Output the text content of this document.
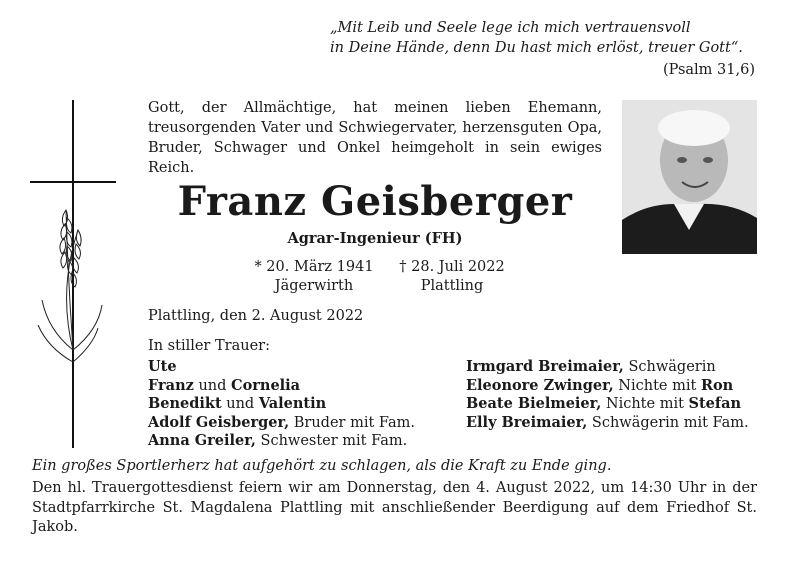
„Mit Leib und Seele lege ich mich vertrauensvoll
in Deine Hände, denn Du hast mich erlöst, treuer Gott“.
(Psalm 31,6)
Gott, der Allmächtige, hat meinen lieben Ehemann, treusorgenden Vater und Schwiegervater, herzensguten Opa, Bruder, Schwager und Onkel heimgeholt in sein ewiges Reich.
Franz Geisberger
Agrar-Ingenieur (FH)
* 20. März 1941
Jägerwirth
† 28. Juli 2022
Plattling
Plattling, den 2. August 2022
In stiller Trauer:
Ute
Franz und Cornelia
Benedikt und Valentin
Adolf Geisberger, Bruder mit Fam.
Anna Greiler, Schwester mit Fam.
Irmgard Breimaier, Schwägerin
Eleonore Zwinger, Nichte mit Ron
Beate Bielmeier, Nichte mit Stefan
Elly Breimaier, Schwägerin mit Fam.
Ein großes Sportlerherz hat aufgehört zu schlagen, als die Kraft zu Ende ging.
Den hl. Trauergottesdienst feiern wir am Donnerstag, den 4. August 2022, um 14:30 Uhr in der Stadtpfarrkirche St. Magdalena Plattling mit anschließender Beerdigung auf dem Friedhof St. Jakob.
